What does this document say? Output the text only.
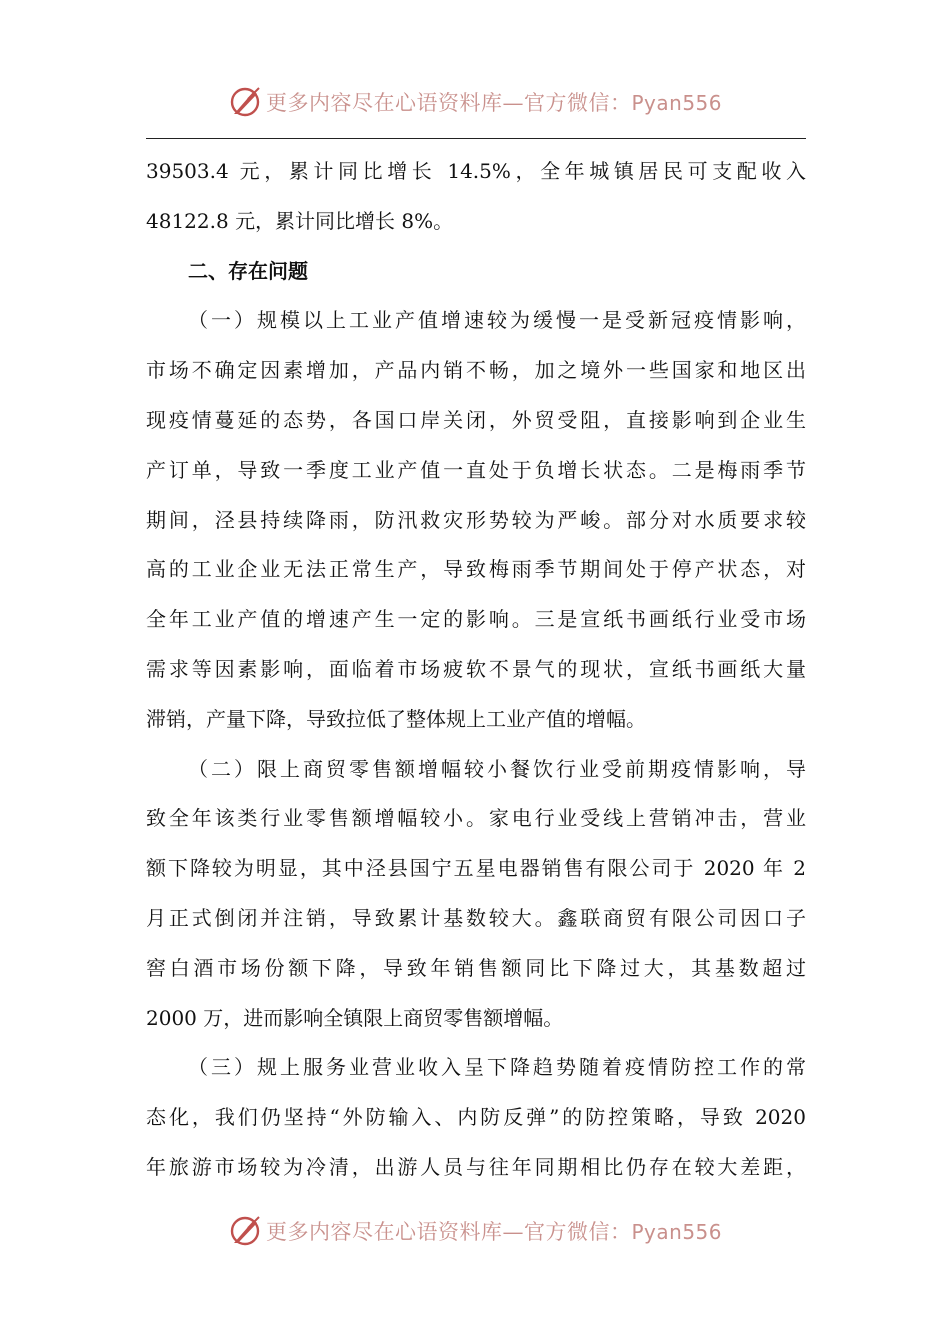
更多内容尽在心语资料库—官方微信：Pyan556
39503.4 元，累计同比增长 14.5%，全年城镇居民可支配收入
48122.8 元，累计同比增长 8%。
二、存在问题
（一）规模以上工业产值增速较为缓慢一是受新冠疫情影响，
市场不确定因素增加，产品内销不畅，加之境外一些国家和地区出
现疫情蔓延的态势，各国口岸关闭，外贸受阻，直接影响到企业生
产订单，导致一季度工业产值一直处于负增长状态。二是梅雨季节
期间，泾县持续降雨，防汛救灾形势较为严峻。部分对水质要求较
高的工业企业无法正常生产，导致梅雨季节期间处于停产状态，对
全年工业产值的增速产生一定的影响。三是宣纸书画纸行业受市场
需求等因素影响，面临着市场疲软不景气的现状，宣纸书画纸大量
滞销，产量下降，导致拉低了整体规上工业产值的增幅。
（二）限上商贸零售额增幅较小餐饮行业受前期疫情影响，导
致全年该类行业零售额增幅较小。家电行业受线上营销冲击，营业
额下降较为明显，其中泾县国宁五星电器销售有限公司于 2020 年 2
月正式倒闭并注销，导致累计基数较大。鑫联商贸有限公司因口子
窖白酒市场份额下降，导致年销售额同比下降过大，其基数超过
2000 万，进而影响全镇限上商贸零售额增幅。
（三）规上服务业营业收入呈下降趋势随着疫情防控工作的常
态化，我们仍坚持“外防输入、内防反弹”的防控策略，导致 2020
年旅游市场较为冷清，出游人员与往年同期相比仍存在较大差距，
更多内容尽在心语资料库—官方微信：Pyan556
